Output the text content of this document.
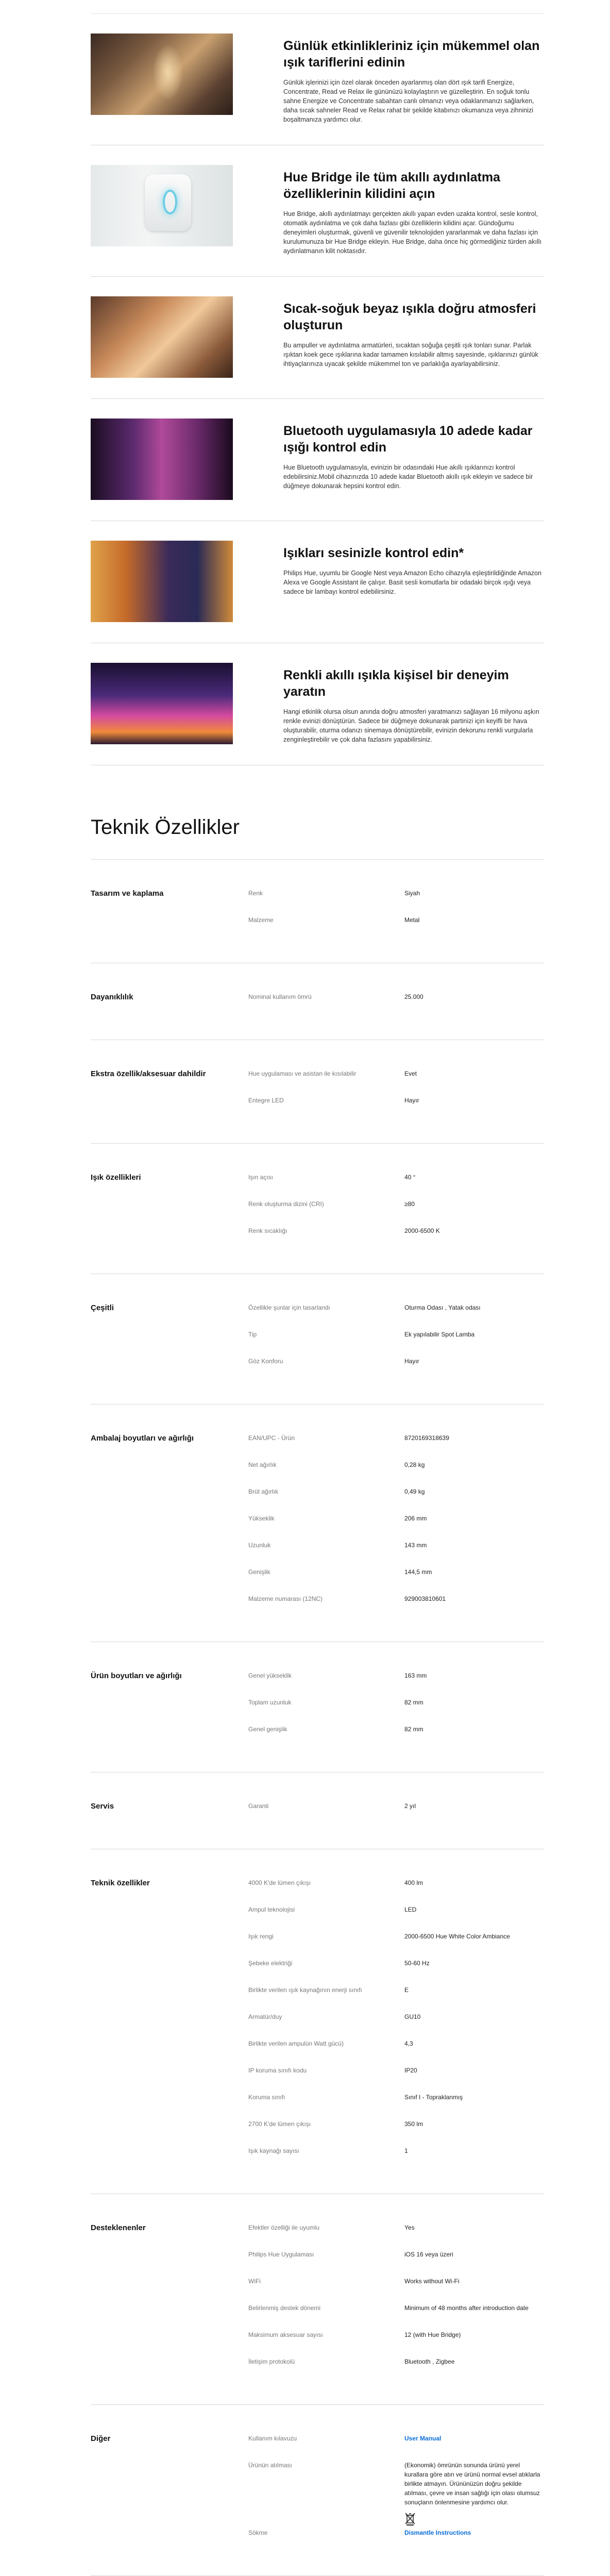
Günlük etkinlikleriniz için mükemmel olan ışık tariflerini edinin

Günlük işlerinizi için özel olarak önceden ayarlanmış olan dört ışık tarifi Energize, Concentrate, Read ve Relax ile gününüzü kolaylaştırın ve güzelleştirin. En soğuk tonlu sahne Energize ve Concentrate sabahtan canlı olmanızı veya odaklanmanızı sağlarken, daha sıcak sahneler Read ve Relax rahat bir şekilde kitabınızı okumanıza veya zihninizi boşaltmanıza yardımcı olur.

Hue Bridge ile tüm akıllı aydınlatma özelliklerinin kilidini açın

Hue Bridge, akıllı aydınlatmayı gerçekten akıllı yapan evden uzakta kontrol, sesle kontrol, otomatik aydınlatma ve çok daha fazlası gibi özelliklerin kilidini açar. Gündoğumu deneyimleri oluşturmak, güvenli ve güvenilir teknolojiden yararlanmak ve daha fazlası için kurulumunuza bir Hue Bridge ekleyin. Hue Bridge, daha önce hiç görmediğiniz türden akıllı aydınlatmanın kilit noktasıdır.

Sıcak-soğuk beyaz ışıkla doğru atmosferi oluşturun

Bu ampuller ve aydınlatma armatürleri, sıcaktan soğuğa çeşitli ışık tonları sunar. Parlak ışıktan koek gece ışıklarına kadar tamamen kısılabilir altmış sayesinde, ışıklarınızı günlük ihtiyaçlarınıza uyacak şekilde mükemmel ton ve parlaklığa ayarlayabilirsiniz.

Bluetooth uygulamasıyla 10 adede kadar ışığı kontrol edin

Hue Bluetooth uygulamasıyla, evinizin bir odasındaki Hue akıllı ışıklarınızı kontrol edebilirsiniz.Mobil cihazınızda 10 adede kadar Bluetooth akıllı ışık ekleyin ve sadece bir düğmeye dokunarak hepsini kontrol edin.

Işıkları sesinizle kontrol edin*

Philips Hue, uyumlu bir Google Nest veya Amazon Echo cihazıyla eşleştirildiğinde Amazon Alexa ve Google Assistant ile çalışır. Basit sesli komutlarla bir odadaki birçok ışığı veya sadece bir lambayı kontrol edebilirsiniz.

Renkli akıllı ışıkla kişisel bir deneyim yaratın

Hangi etkinlik olursa olsun anında doğru atmosferi yaratmanızı sağlayan 16 milyonu aşkın renkle evinizi dönüştürün. Sadece bir düğmeye dokunarak partinizi için keyifli bir hava oluşturabilir, oturma odanızı sinemaya dönüştürebilir, evinizin dekorunu renkli vurgularla zenginleştirebilir ve çok daha fazlasını yapabilirsiniz.

Teknik Özellikler
Tasarım ve kaplama	Renk	Siyah
Malzeme	Metal
Dayanıklılık	Nominal kullanım ömrü	25.000
Ekstra özellik/aksesuar dahildir	Hue uygulaması ve asistan ile kısılabilir	Evet
Entegre LED	Hayır
Işık özellikleri	Işın açısı	40 °
Renk oluşturma dizini (CRI)	≥80
Renk sıcaklığı	2000-6500 K
Çeşitli	Özellikle şunlar için tasarlandı	Oturma Odası , Yatak odası
Tip	Ek yapılabilir Spot Lamba
Göz Konforu	Hayır
Ambalaj boyutları ve ağırlığı	EAN/UPC - Ürün	8720169318639
Net ağırlık	0,28 kg
Brüt ağırlık	0,49 kg
Yükseklik	206 mm
Uzunluk	143 mm
Genişlik	144,5 mm
Malzeme numarası (12NC)	929003810601
Ürün boyutları ve ağırlığı	Genel yükseklik	163 mm
Toplam uzunluk	82 mm
Genel genişlik	82 mm
Servis	Garanti	2 yıl
Teknik özellikler	4000 K'de lümen çıkışı	400 lm
Ampul teknolojisi	LED
Işık rengi	2000-6500 Hue White Color Ambiance
Şebeke elektriği	50-60 Hz
Birlikte verilen ışık kaynağının enerji sınıfı	E
Armatür/duy	GU10
Birlikte verilen ampulün Watt gücü)	4,3
IP koruma sınıfı kodu	IP20
Koruma sınıfı	Sınıf I - Topraklanmış
2700 K'de lümen çıkışı	350 lm
Işık kaynağı sayısı	1
Desteklenenler	Efektler özelliği ile uyumlu	Yes
Philips Hue Uygulaması	iOS 16 veya üzeri
WiFi	Works without Wi-Fi
Belirlenmiş destek dönemi	Minimum of 48 months after introduction date
Maksimum aksesuar sayısı	12 (with Hue Bridge)
İletişim protokolü	Bluetooth , Zigbee
Diğer	Kullanım kılavuzu	User Manual
Ürünün atılması	(Ekonomik) ömrünün sonunda ürünü yerel kurallara göre atın ve ürünü normal evsel atıklarla birlikte atmayın. Ürününüzün doğru şekilde atılması, çevre ve insan sağlığı için olası olumsuz sonuçların önlenmesine yardımcı olur.
Sökme	Dismantle Instructions
